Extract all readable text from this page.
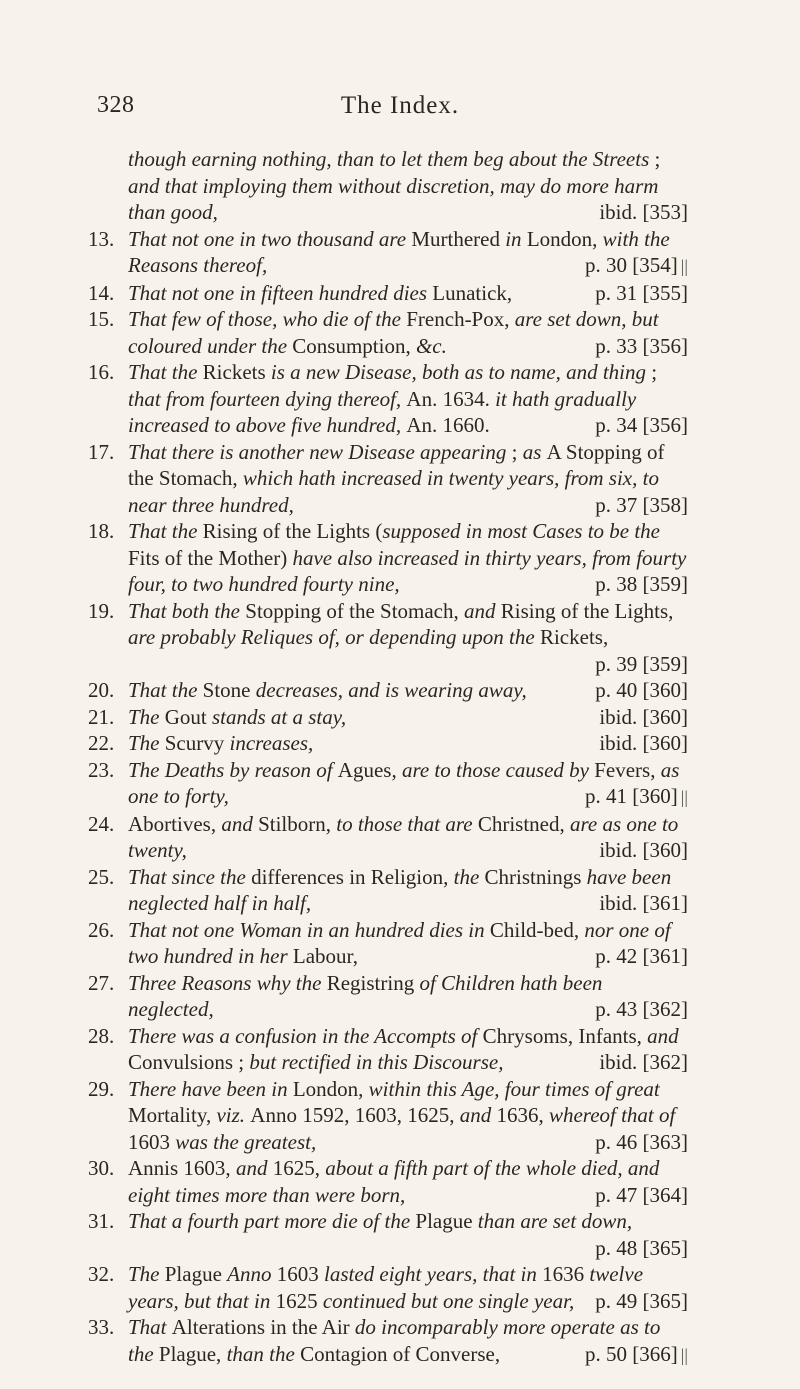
328	The Index.
though earning nothing, than to let them beg about the Streets ; and that imploying them without discretion, may do more harm than good,	ibid. [353]
13. That not one in two thousand are Murthered in London, with the Reasons thereof,	p. 30 [354] ||
14. That not one in fifteen hundred dies Lunatick,	p. 31 [355]
15. That few of those, who die of the French-Pox, are set down, but coloured under the Consumption, &c.	p. 33 [356]
16. That the Rickets is a new Disease, both as to name, and thing ; that from fourteen dying thereof, An. 1634. it hath gradually increased to above five hundred, An. 1660.	p. 34 [356]
17. That there is another new Disease appearing ; as A Stopping of the Stomach, which hath increased in twenty years, from six, to near three hundred,	p. 37 [358]
18. That the Rising of the Lights (supposed in most Cases to be the Fits of the Mother) have also increased in thirty years, from fourty four, to two hundred fourty nine,	p. 38 [359]
19. That both the Stopping of the Stomach, and Rising of the Lights, are probably Reliques of, or depending upon the Rickets,
p. 39 [359]
20. That the Stone decreases, and is wearing away,	p. 40 [360]
21. The Gout stands at a stay,	ibid. [360]
22. The Scurvy increases,	ibid. [360]
23. The Deaths by reason of Agues, are to those caused by Fevers, as one to forty,	p. 41 [360] ||
24. Abortives, and Stilborn, to those that are Christned, are as one to twenty,	ibid. [360]
25. That since the differences in Religion, the Christnings have been neglected half in half,	ibid. [361]
26. That not one Woman in an hundred dies in Child-bed, nor one of two hundred in her Labour,	p. 42 [361]
27. Three Reasons why the Registring of Children hath been neglected,	p. 43 [362]
28. There was a confusion in the Accompts of Chrysoms, Infants, and Convulsions ; but rectified in this Discourse,	ibid. [362]
29. There have been in London, within this Age, four times of great Mortality, viz. Anno 1592, 1603, 1625, and 1636, whereof that of 1603 was the greatest,	p. 46 [363]
30. Annis 1603, and 1625, about a fifth part of the whole died, and eight times more than were born,	p. 47 [364]
31. That a fourth part more die of the Plague than are set down,
p. 48 [365]
32. The Plague Anno 1603 lasted eight years, that in 1636 twelve years, but that in 1625 continued but one single year, p. 49 [365]
33. That Alterations in the Air do incomparably more operate as to the Plague, than the Contagion of Converse,	p. 50 [366] ||
